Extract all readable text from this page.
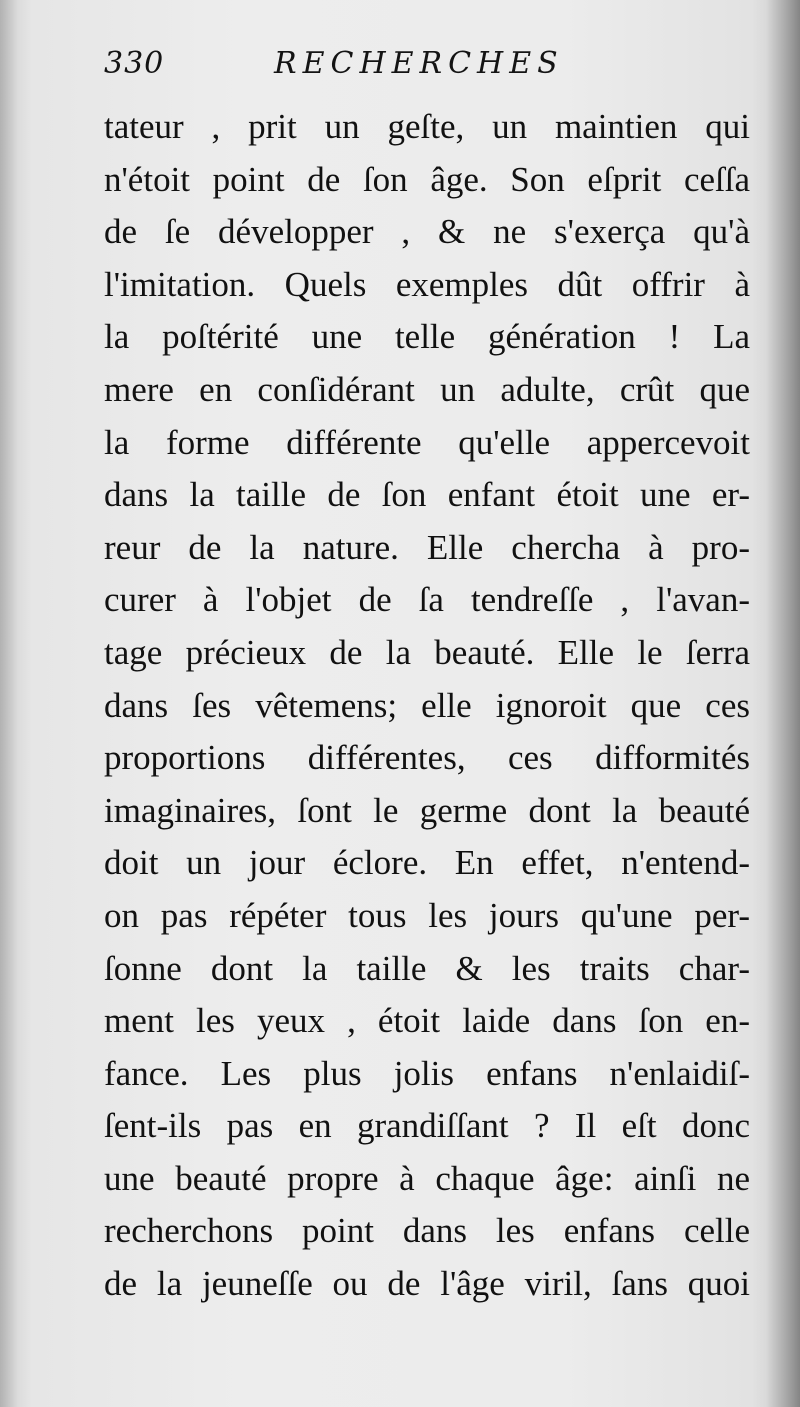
330	RECHERCHES
tateur , prit un geſte, un maintien qui
n'étoit point de ſon âge. Son eſprit ceſſa
de ſe développer , & ne s'exerça qu'à
l'imitation. Quels exemples dût offrir à
la poſtérité une telle génération ! La
mere en conſidérant un adulte, crût que
la forme différente qu'elle appercevoit
dans la taille de ſon enfant étoit une er-
reur de la nature. Elle chercha à pro-
curer à l'objet de ſa tendreſſe , l'avan-
tage précieux de la beauté. Elle le ſerra
dans ſes vêtemens; elle ignoroit que ces
proportions différentes, ces difformités
imaginaires, ſont le germe dont la beauté
doit un jour éclore. En effet, n'entend-
on pas répéter tous les jours qu'une per-
ſonne dont la taille & les traits char-
ment les yeux , étoit laide dans ſon en-
fance. Les plus jolis enfans n'enlaidiſ-
ſent-ils pas en grandiſſant ? Il eſt donc
une beauté propre à chaque âge: ainſi ne
recherchons point dans les enfans celle
de la jeuneſſe ou de l'âge viril, ſans quoi
